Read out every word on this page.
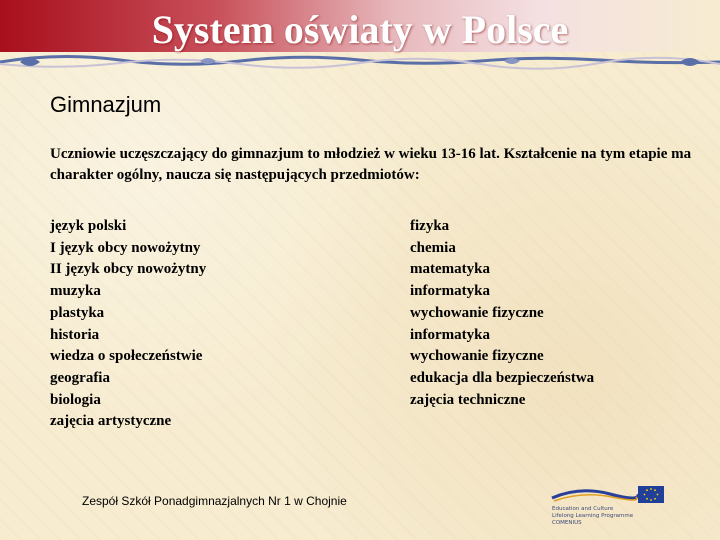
System oświaty w Polsce
Gimnazjum
Uczniowie uczęszczający do gimnazjum to młodzież w wieku 13-16 lat. Kształcenie na tym etapie ma charakter ogólny, naucza się następujących przedmiotów:
język polski
I język obcy nowożytny
II język obcy nowożytny
muzyka
plastyka
historia
wiedza o społeczeństwie
geografia
biologia
zajęcia artystyczne
fizyka
chemia
matematyka
informatyka
wychowanie fizyczne
informatyka
wychowanie fizyczne
edukacja dla bezpieczeństwa
zajęcia techniczne
Zespół Szkół Ponadgimnazjalnych Nr 1 w Chojnie
Education and Culture
Lifelong Learning Programme
COMENIUS
